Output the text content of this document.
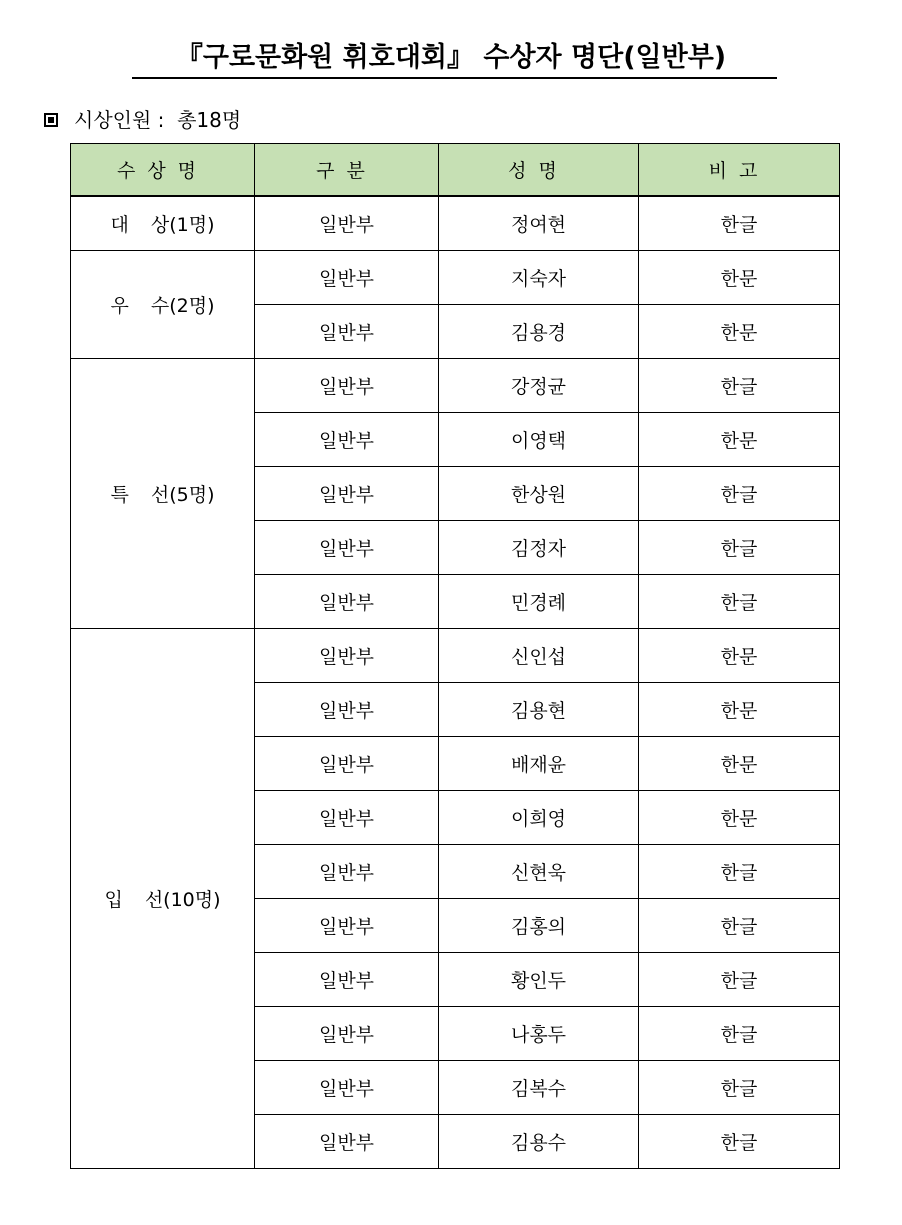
『구로문화원 휘호대회』 수상자 명단(일반부)
시상인원 :  총18명
수상명	구분	성명	비고

대 상(1명)	일반부	정여현	한글
우 수(2명)	일반부	지숙자	한문
	일반부	김용경	한문
특 선(5명)	일반부	강정균	한글
	일반부	이영택	한문
	일반부	한상원	한글
	일반부	김정자	한글
	일반부	민경례	한글
입 선(10명)	일반부	신인섭	한문
	일반부	김용현	한문
	일반부	배재윤	한문
	일반부	이희영	한문
	일반부	신현욱	한글
	일반부	김홍의	한글
	일반부	황인두	한글
	일반부	나홍두	한글
	일반부	김복수	한글
	일반부	김용수	한글
